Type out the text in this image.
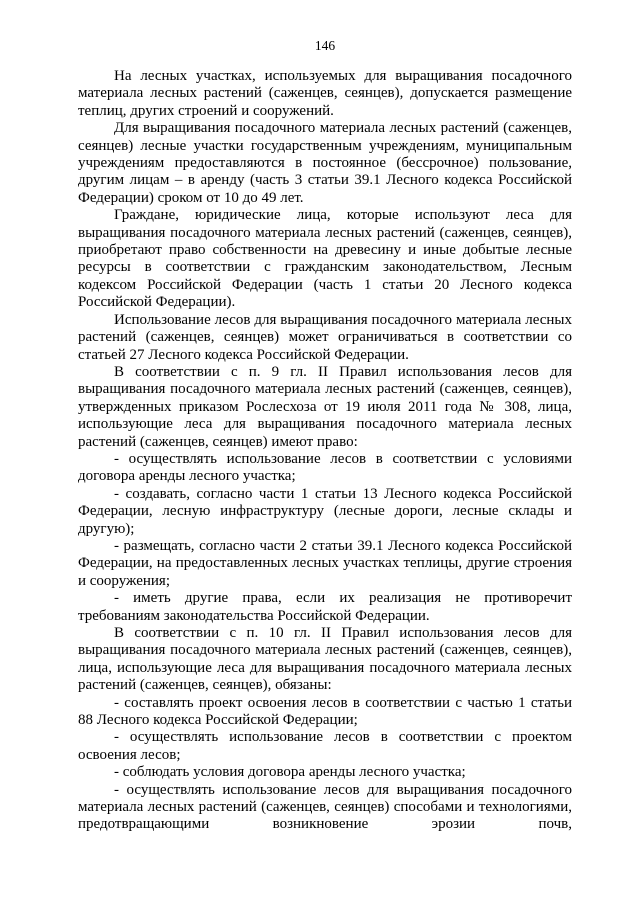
146

На лесных участках, используемых для выращивания посадочного материала лесных растений (саженцев, сеянцев), допускается размещение теплиц, других строений и сооружений.

Для выращивания посадочного материала лесных растений (саженцев, сеянцев) лесные участки государственным учреждениям, муниципальным учреждениям предоставляются в постоянное (бессрочное) пользование, другим лицам – в аренду (часть 3 статьи 39.1 Лесного кодекса Российской Федерации) сроком от 10 до 49 лет.

Граждане, юридические лица, которые используют леса для выращивания посадочного материала лесных растений (саженцев, сеянцев), приобретают право собственности на древесину и иные добытые лесные ресурсы в соответствии с гражданским законодательством, Лесным кодексом Российской Федерации (часть 1 статьи 20 Лесного кодекса Российской Федерации).

Использование лесов для выращивания посадочного материала лесных растений (саженцев, сеянцев) может ограничиваться в соответствии со статьей 27 Лесного кодекса Российской Федерации.

В соответствии с п. 9 гл. II Правил использования лесов для выращивания посадочного материала лесных растений (саженцев, сеянцев), утвержденных приказом Рослесхоза от 19 июля 2011 года № 308, лица, использующие леса для выращивания посадочного материала лесных растений (саженцев, сеянцев) имеют право:

- осуществлять использование лесов в соответствии с условиями договора аренды лесного участка;

- создавать, согласно части 1 статьи 13 Лесного кодекса Российской Федерации, лесную инфраструктуру (лесные дороги, лесные склады и другую);

- размещать, согласно части 2 статьи 39.1 Лесного кодекса Российской Федерации, на предоставленных лесных участках теплицы, другие строения и сооружения;

- иметь другие права, если их реализация не противоречит требованиям законодательства Российской Федерации.

В соответствии с п. 10 гл. II Правил использования лесов для выращивания посадочного материала лесных растений (саженцев, сеянцев), лица, использующие леса для выращивания посадочного материала лесных растений (саженцев, сеянцев), обязаны:

- составлять проект освоения лесов в соответствии с частью 1 статьи 88 Лесного кодекса Российской Федерации;

- осуществлять использование лесов в соответствии с проектом освоения лесов;

- соблюдать условия договора аренды лесного участка;

- осуществлять использование лесов для выращивания посадочного материала лесных растений (саженцев, сеянцев) способами и технологиями, предотвращающими возникновение эрозии почв,
